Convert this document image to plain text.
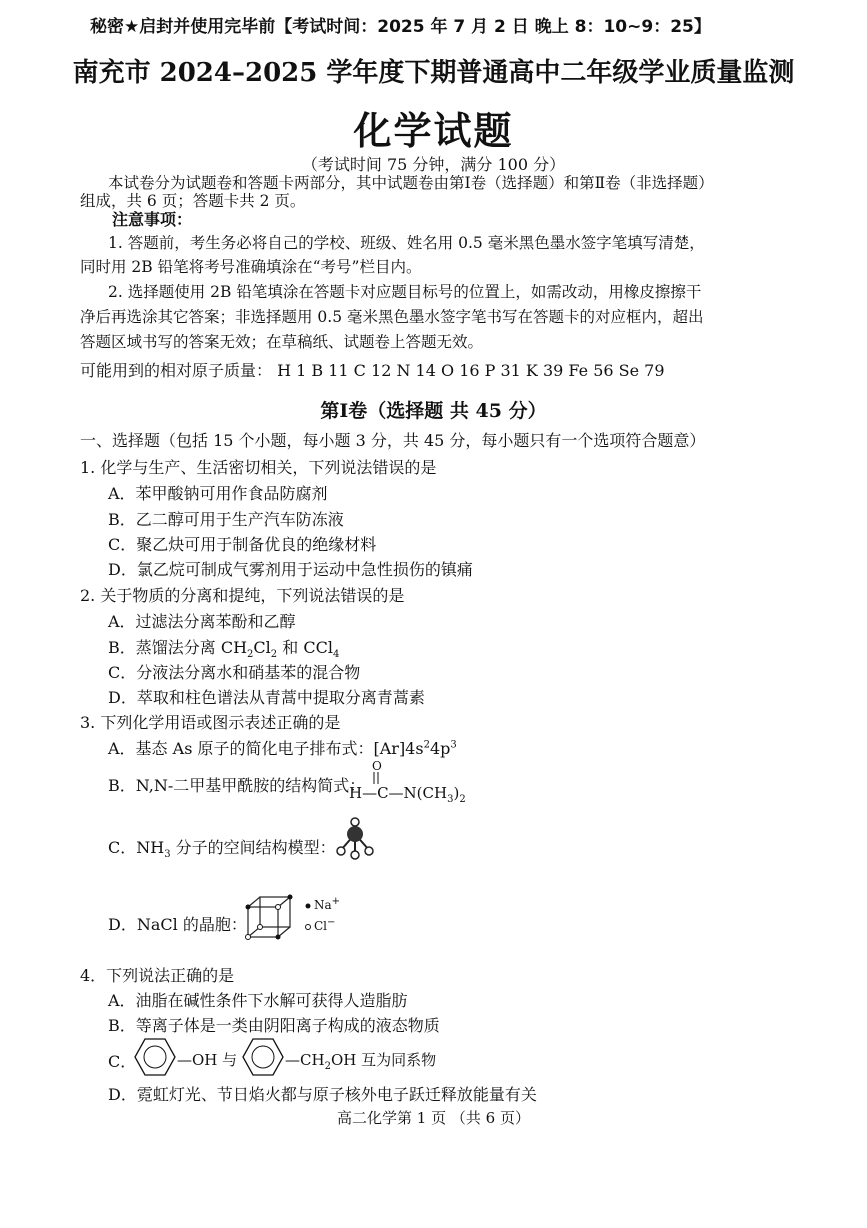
秘密★启封并使用完毕前【考试时间：2025 年 7 月 2 日 晚上 8：10~9：25】
南充市 2024–2025 学年度下期普通高中二年级学业质量监测
化学试题
（考试时间 75 分钟，满分 100 分）
本试卷分为试题卷和答题卡两部分，其中试题卷由第Ⅰ卷（选择题）和第Ⅱ卷（非选择题）
组成，共 6 页；答题卡共 2 页。
注意事项：
1. 答题前，考生务必将自己的学校、班级、姓名用 0.5 毫米黑色墨水签字笔填写清楚，
同时用 2B 铅笔将考号准确填涂在“考号”栏目内。
2. 选择题使用 2B 铅笔填涂在答题卡对应题目标号的位置上，如需改动，用橡皮擦擦干
净后再选涂其它答案；非选择题用 0.5 毫米黑色墨水签字笔书写在答题卡的对应框内，超出
答题区域书写的答案无效；在草稿纸、试题卷上答题无效。
可能用到的相对原子质量： H 1 B 11 C 12 N 14 O 16 P 31 K 39 Fe 56 Se 79
第Ⅰ卷（选择题 共 45 分）
一、选择题（包括 15 个小题，每小题 3 分，共 45 分，每小题只有一个选项符合题意）
1. 化学与生产、生活密切相关，下列说法错误的是
A．苯甲酸钠可用作食品防腐剂
B．乙二醇可用于生产汽车防冻液
C．聚乙炔可用于制备优良的绝缘材料
D．氯乙烷可制成气雾剂用于运动中急性损伤的镇痛
2. 关于物质的分离和提纯，下列说法错误的是
A．过滤法分离苯酚和乙醇
B．蒸馏法分离 $CH_2Cl_2$ 和 CCl$_4$
C．分液法分离水和硝基苯的混合物
D．萃取和柱色谱法从青蒿中提取分离青蒿素
3. 下列化学用语或图示表述正确的是
A．基态 As 原子的简化电子排布式：$[Ar]4s^24p^3$
B．N,N-二甲基甲酰胺的结构简式：
O
$H—C—N(CH_3)_2$
C．$NH_3$ 分子的空间结构模型：
D．NaCl 的晶胞：
Na+
Cl−
4．下列说法正确的是
A．油脂在碱性条件下水解可获得人造脂肪
B．等离子体是一类由阴阳离子构成的液态物质
C．	—OH 与	$—CH_2OH$ 互为同系物
D．霓虹灯光、节日焰火都与原子核外电子跃迁释放能量有关
高二化学第 1 页 （共 6 页）
